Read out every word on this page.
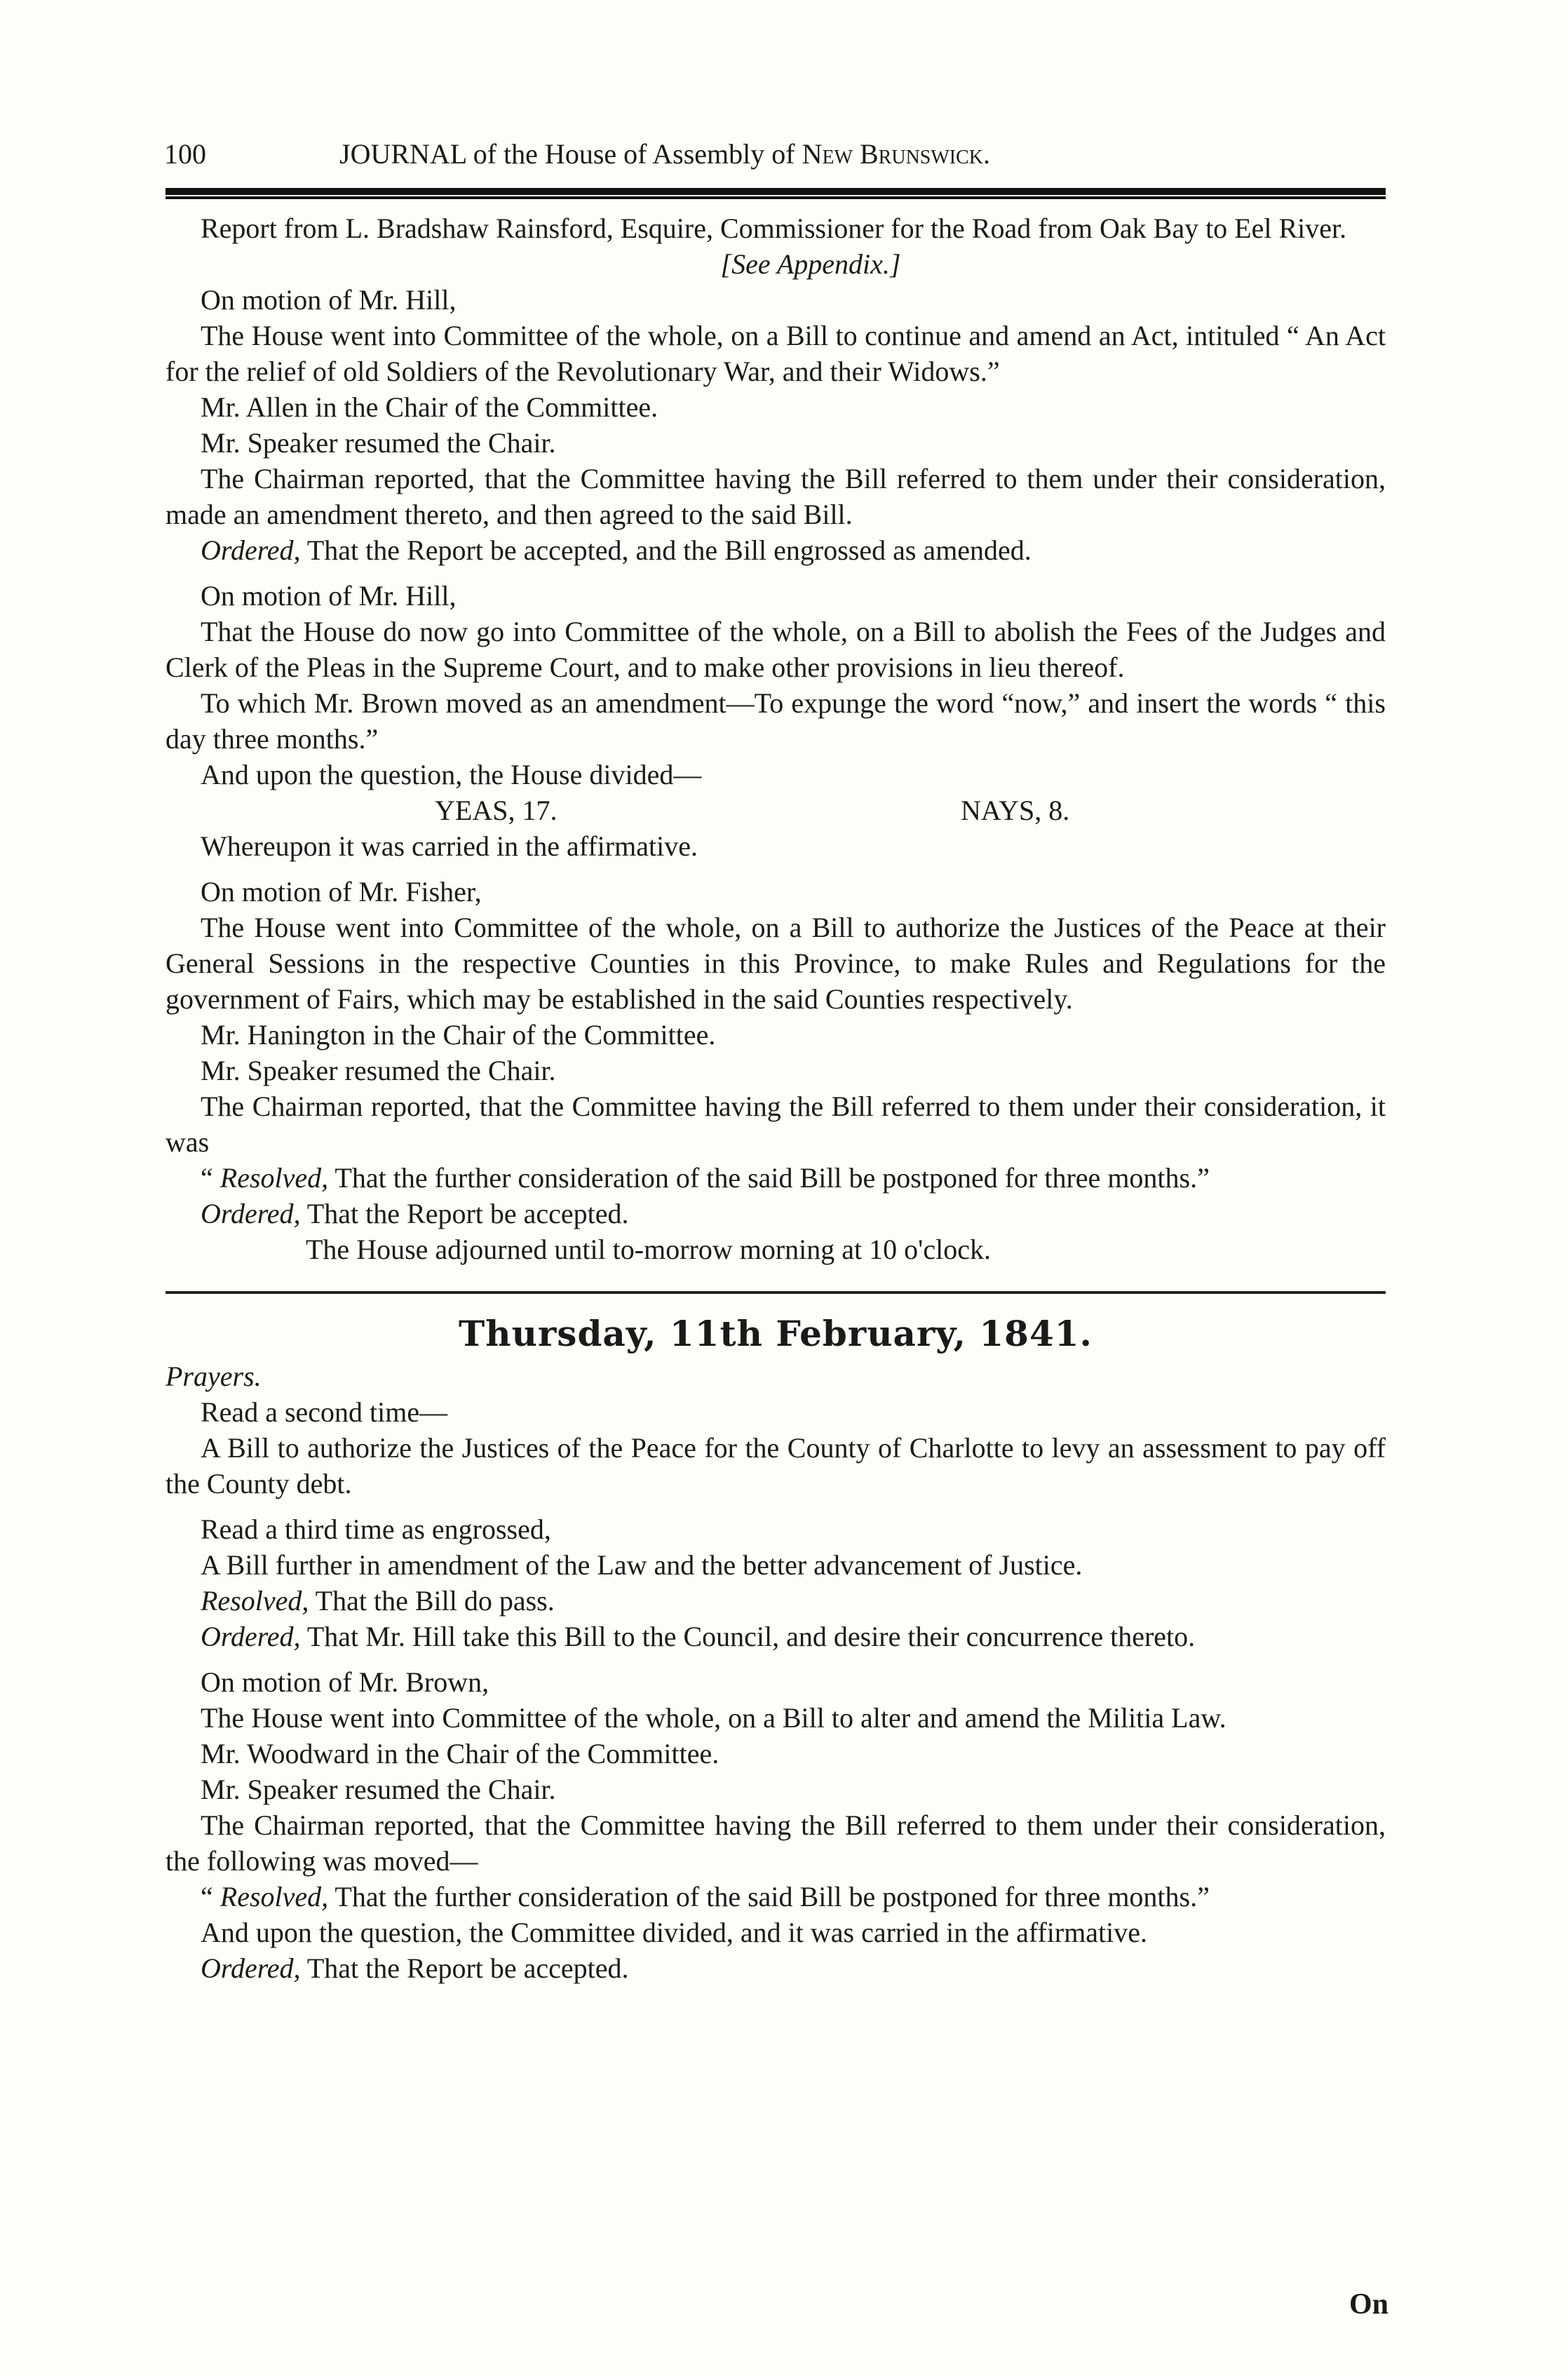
100	JOURNAL of the House of Assembly of New Brunswick.

Report from L. Bradshaw Rainsford, Esquire, Commissioner for the Road from Oak Bay to Eel River.

[See Appendix.]

On motion of Mr. Hill,

The House went into Committee of the whole, on a Bill to continue and amend an Act, intituled “ An Act for the relief of old Soldiers of the Revolutionary War, and their Widows.”

Mr. Allen in the Chair of the Committee.

Mr. Speaker resumed the Chair.

The Chairman reported, that the Committee having the Bill referred to them under their consideration, made an amendment thereto, and then agreed to the said Bill.

Ordered, That the Report be accepted, and the Bill engrossed as amended.

On motion of Mr. Hill,

That the House do now go into Committee of the whole, on a Bill to abolish the Fees of the Judges and Clerk of the Pleas in the Supreme Court, and to make other provisions in lieu thereof.

To which Mr. Brown moved as an amendment—To expunge the word “now,” and insert the words “ this day three months.”

And upon the question, the House divided—

YEAS, 17.	NAYS, 8.

Whereupon it was carried in the affirmative.

On motion of Mr. Fisher,

The House went into Committee of the whole, on a Bill to authorize the Justices of the Peace at their General Sessions in the respective Counties in this Province, to make Rules and Regulations for the government of Fairs, which may be established in the said Counties respectively.

Mr. Hanington in the Chair of the Committee.

Mr. Speaker resumed the Chair.

The Chairman reported, that the Committee having the Bill referred to them under their consideration, it was

“ Resolved, That the further consideration of the said Bill be postponed for three months.”

Ordered, That the Report be accepted.

The House adjourned until to-morrow morning at 10 o'clock.

Thursday, 11th February, 1841.

Prayers.

Read a second time—

A Bill to authorize the Justices of the Peace for the County of Charlotte to levy an assessment to pay off the County debt.

Read a third time as engrossed,

A Bill further in amendment of the Law and the better advancement of Justice.

Resolved, That the Bill do pass.

Ordered, That Mr. Hill take this Bill to the Council, and desire their concurrence thereto.

On motion of Mr. Brown,

The House went into Committee of the whole, on a Bill to alter and amend the Militia Law.

Mr. Woodward in the Chair of the Committee.

Mr. Speaker resumed the Chair.

The Chairman reported, that the Committee having the Bill referred to them under their consideration, the following was moved—

“ Resolved, That the further consideration of the said Bill be postponed for three months.”

And upon the question, the Committee divided, and it was carried in the affirmative.

Ordered, That the Report be accepted.

On
